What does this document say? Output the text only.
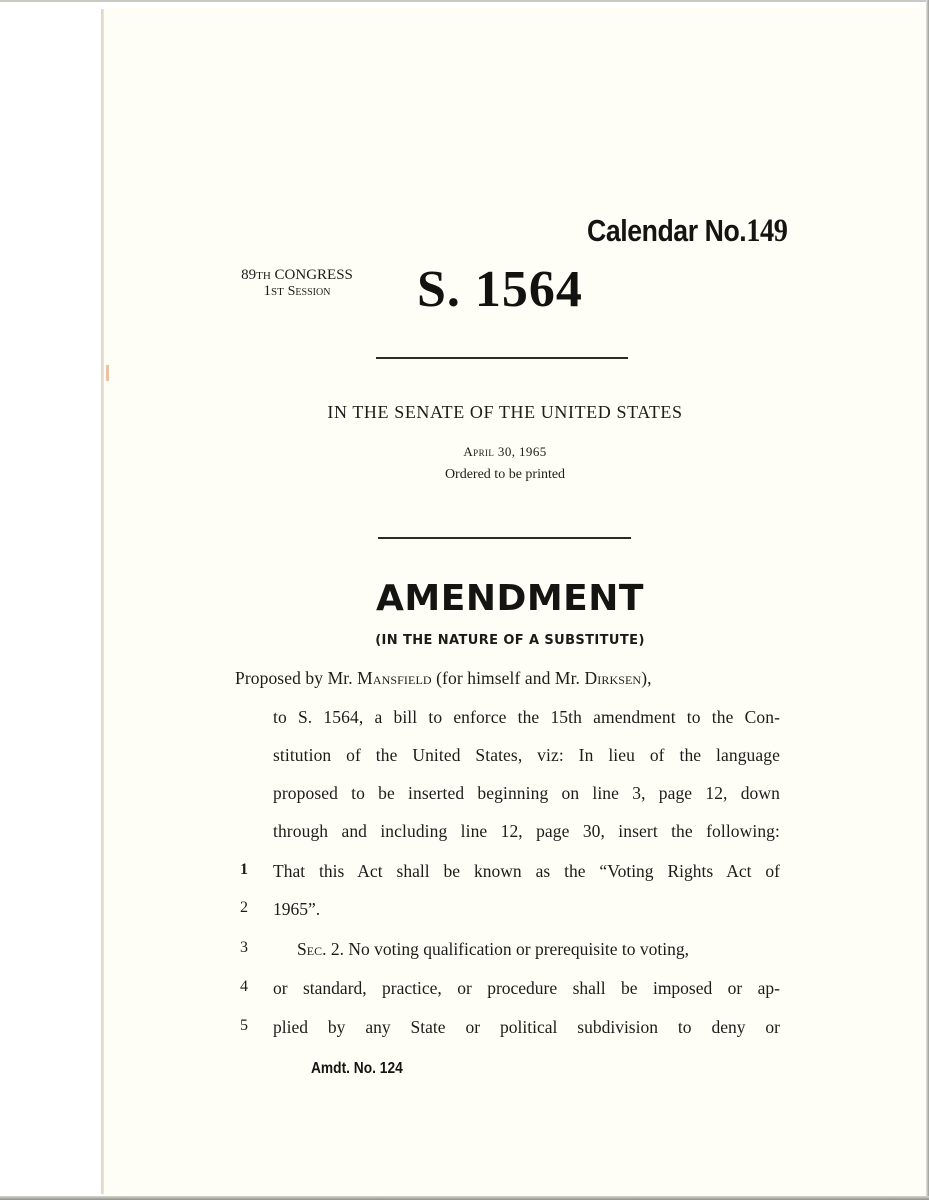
Calendar No.149
89TH CONGRESS
1ST Session	S. 1564
IN THE SENATE OF THE UNITED STATES
April 30, 1965
Ordered to be printed
AMENDMENT
(IN THE NATURE OF A SUBSTITUTE)
Proposed by Mr. Mansfield (for himself and Mr. Dirksen),
to S. 1564, a bill to enforce the 15th amendment to the Con-
stitution of the United States, viz: In lieu of the language
proposed to be inserted beginning on line 3, page 12, down
through and including line 12, page 30, insert the following:
1	That this Act shall be known as the “Voting Rights Act of
2	1965”.
3	Sec. 2. No voting qualification or prerequisite to voting,
4	or standard, practice, or procedure shall be imposed or ap-
5	plied by any State or political subdivision to deny or
Amdt. No. 124
